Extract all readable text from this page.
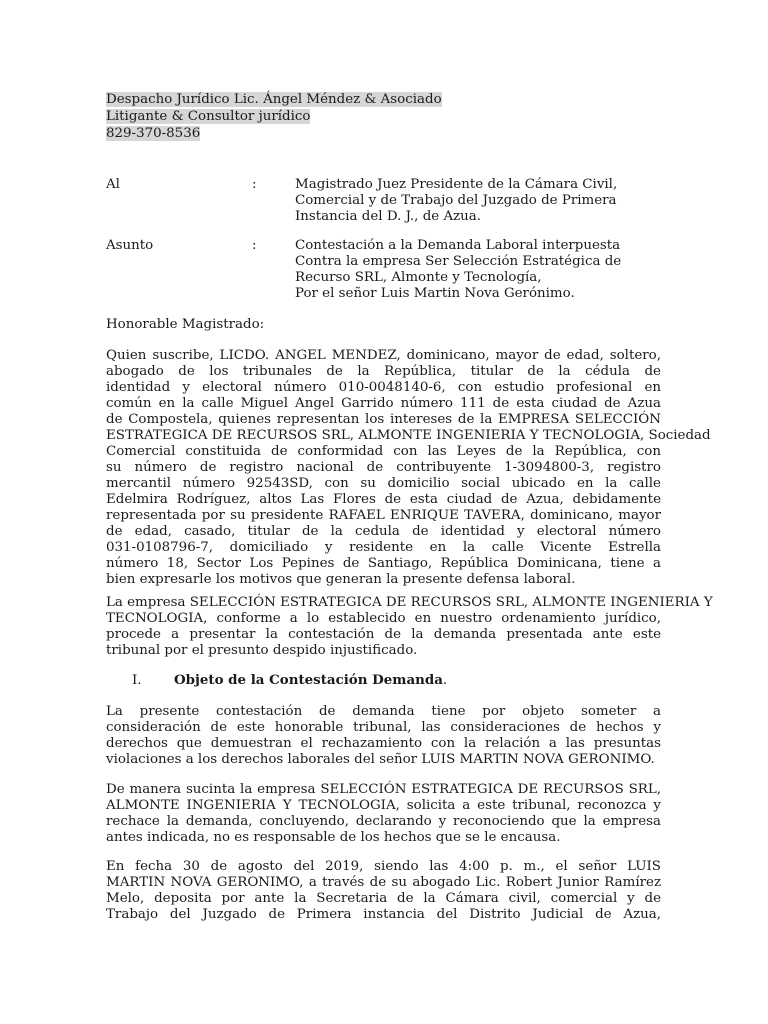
Despacho Jurídico Lic. Ángel Méndez & Asociado
Litigante & Consultor jurídico
829-370-8536
Al	:	Magistrado Juez Presidente de la Cámara Civil,
Comercial y de Trabajo del Juzgado de Primera
Instancia del D. J., de Azua.
Asunto	:	Contestación a la Demanda Laboral interpuesta
Contra la empresa Ser Selección Estratégica de
Recurso SRL, Almonte y Tecnología,
Por el señor Luis Martin Nova Gerónimo.
Honorable Magistrado:
Quien suscribe, LICDO. ANGEL MENDEZ, dominicano, mayor de edad, soltero,
abogado de los tribunales de la República, titular de la cédula de
identidad y electoral número 010-0048140-6, con estudio profesional en
común en la calle Miguel Angel Garrido número 111 de esta ciudad de Azua
de Compostela, quienes representan los intereses de la EMPRESA SELECCIÓN
ESTRATEGICA DE RECURSOS SRL, ALMONTE INGENIERIA Y TECNOLOGIA, Sociedad
Comercial constituida de conformidad con las Leyes de la República, con
su número de registro nacional de contribuyente 1-3094800-3, registro
mercantil número 92543SD, con su domicilio social ubicado en la calle
Edelmira Rodríguez, altos Las Flores de esta ciudad de Azua, debidamente
representada por su presidente RAFAEL ENRIQUE TAVERA, dominicano, mayor
de edad, casado, titular de la cedula de identidad y electoral número
031-0108796-7, domiciliado y residente en la calle Vicente Estrella
número 18, Sector Los Pepines de Santiago, República Dominicana, tiene a
bien expresarle los motivos que generan la presente defensa laboral.
La empresa SELECCIÓN ESTRATEGICA DE RECURSOS SRL, ALMONTE INGENIERIA Y
TECNOLOGIA, conforme a lo establecido en nuestro ordenamiento jurídico,
procede a presentar la contestación de la demanda presentada ante este
tribunal por el presunto despido injustificado.
I. Objeto de la Contestación Demanda.
La presente contestación de demanda tiene por objeto someter a
consideración de este honorable tribunal, las consideraciones de hechos y
derechos que demuestran el rechazamiento con la relación a las presuntas
violaciones a los derechos laborales del señor LUIS MARTIN NOVA GERONIMO.
De manera sucinta la empresa SELECCIÓN ESTRATEGICA DE RECURSOS SRL,
ALMONTE INGENIERIA Y TECNOLOGIA, solicita a este tribunal, reconozca y
rechace la demanda, concluyendo, declarando y reconociendo que la empresa
antes indicada, no es responsable de los hechos que se le encausa.
En fecha 30 de agosto del 2019, siendo las 4:00 p. m., el señor LUIS
MARTIN NOVA GERONIMO, a través de su abogado Lic. Robert Junior Ramírez
Melo, deposita por ante la Secretaria de la Cámara civil, comercial y de
Trabajo del Juzgado de Primera instancia del Distrito Judicial de Azua,
